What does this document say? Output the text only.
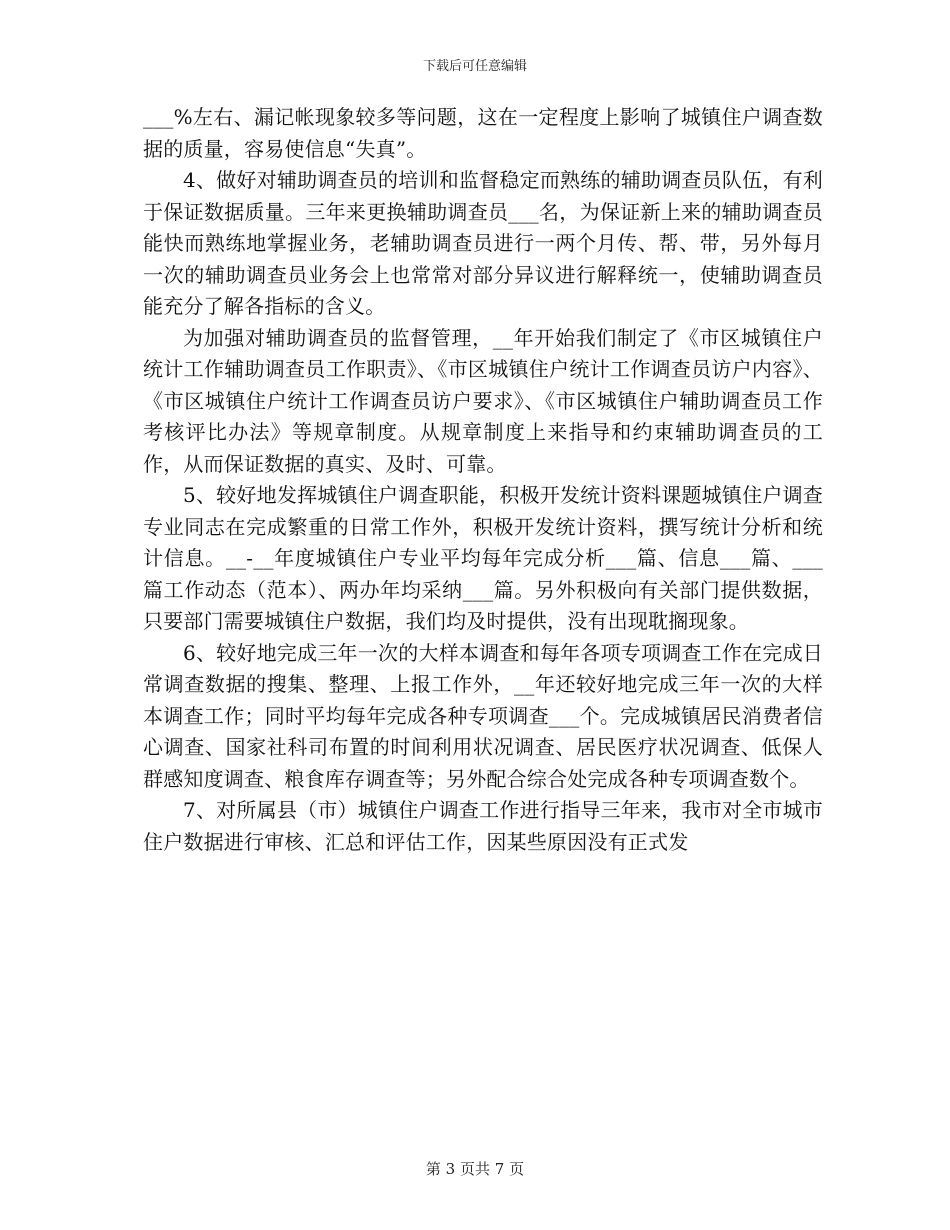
下载后可任意编辑

___%左右、漏记帐现象较多等问题，这在一定程度上影响了城镇住户调查数据的质量，容易使信息“失真”。

4、做好对辅助调查员的培训和监督稳定而熟练的辅助调查员队伍，有利于保证数据质量。三年来更换辅助调查员___名，为保证新上来的辅助调查员能快而熟练地掌握业务，老辅助调查员进行一两个月传、帮、带，另外每月一次的辅助调查员业务会上也常常对部分异议进行解释统一，使辅助调查员能充分了解各指标的含义。

为加强对辅助调查员的监督管理，__年开始我们制定了《市区城镇住户统计工作辅助调查员工作职责》、《市区城镇住户统计工作调查员访户内容》、《市区城镇住户统计工作调查员访户要求》、《市区城镇住户辅助调查员工作考核评比办法》等规章制度。从规章制度上来指导和约束辅助调查员的工作，从而保证数据的真实、及时、可靠。

5、较好地发挥城镇住户调查职能，积极开发统计资料课题城镇住户调查专业同志在完成繁重的日常工作外，积极开发统计资料，撰写统计分析和统计信息。__-__年度城镇住户专业平均每年完成分析___篇、信息___篇、___篇工作动态（范本）、两办年均采纳___篇。另外积极向有关部门提供数据，只要部门需要城镇住户数据，我们均及时提供，没有出现耽搁现象。

6、较好地完成三年一次的大样本调查和每年各项专项调查工作在完成日常调查数据的搜集、整理、上报工作外，__年还较好地完成三年一次的大样本调查工作；同时平均每年完成各种专项调查___个。完成城镇居民消费者信心调查、国家社科司布置的时间利用状况调查、居民医疗状况调查、低保人群感知度调查、粮食库存调查等；另外配合综合处完成各种专项调查数个。

7、对所属县（市）城镇住户调查工作进行指导三年来，我市对全市城市住户数据进行审核、汇总和评估工作，因某些原因没有正式发

第 3 页共 7 页
